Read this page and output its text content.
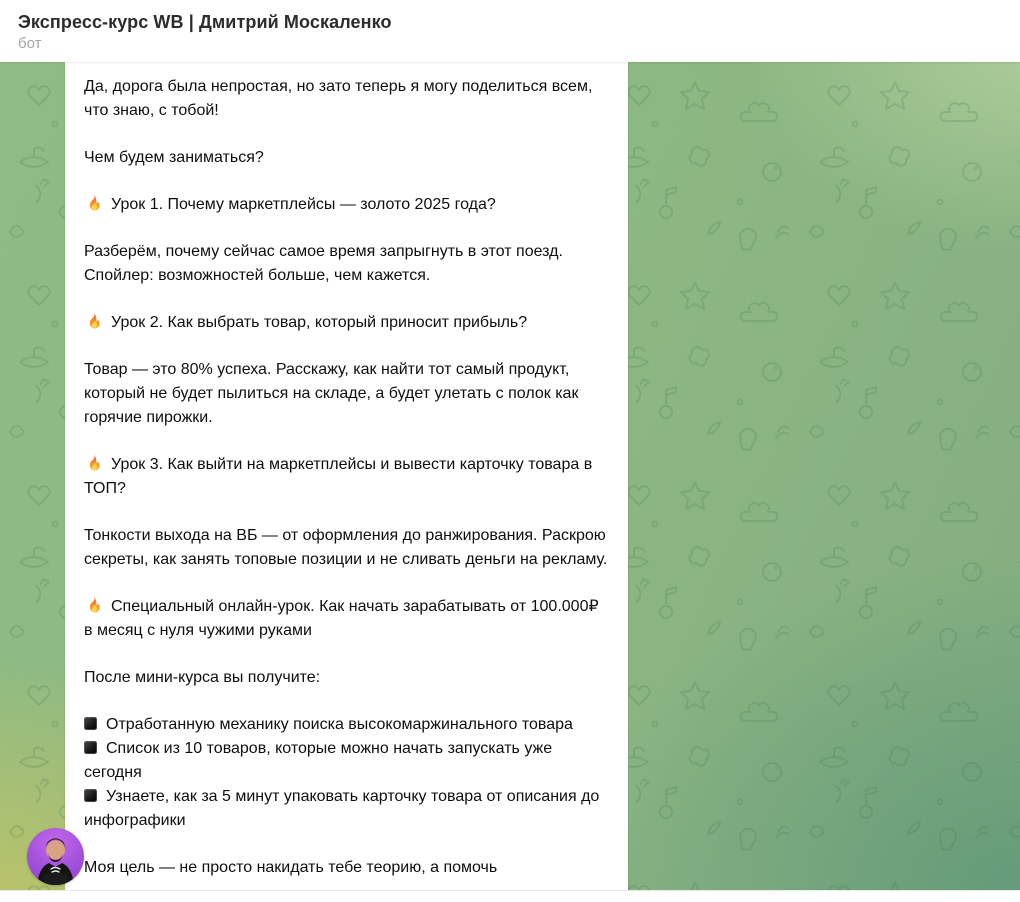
Экспресс-курс WB | Дмитрий Москаленко
бот

Да, дорога была непростая, но зато теперь я могу поделиться всем, что знаю, с тобой!

Чем будем заниматься?

Урок 1. Почему маркетплейсы — золото 2025 года?

Разберём, почему сейчас самое время запрыгнуть в этот поезд. Спойлер: возможностей больше, чем кажется.

Урок 2. Как выбрать товар, который приносит прибыль?

Товар — это 80% успеха. Расскажу, как найти тот самый продукт, который не будет пылиться на складе, а будет улетать с полок как горячие пирожки.

Урок 3. Как выйти на маркетплейсы и вывести карточку товара в ТОП?

Тонкости выхода на ВБ — от оформления до ранжирования. Раскрою секреты, как занять топовые позиции и не сливать деньги на рекламу.

Специальный онлайн-урок. Как начать зарабатывать от 100.000₽ в месяц с нуля чужими руками

После мини-курса вы получите:

Отработанную механику поиска высокомаржинального товара

Список из 10 товаров, которые можно начать запускать уже сегодня

Узнаете, как за 5 минут упаковать карточку товара от описания до инфографики

Моя цель — не просто накидать тебе теорию, а помочь
